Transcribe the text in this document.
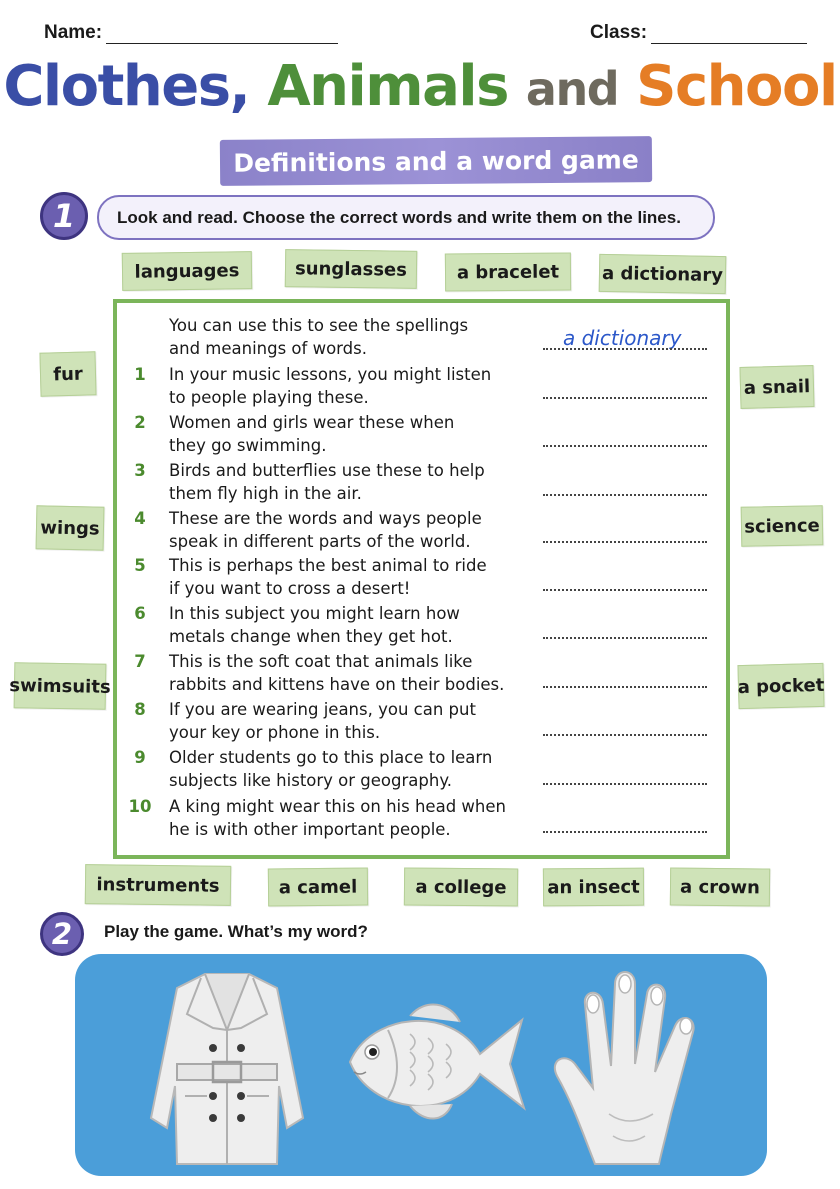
Name:	Class:
Clothes, Animals and School
Definitions and a word game
1	Look and read. Choose the correct words and write them on the lines.
languages	sunglasses	a bracelet	a dictionary
fur
a snail
wings	science
swimsuits	a pocket
instruments	a camel	a college	an insect	a crown
You can use this to see the spellings
and meanings of words.	a dictionary
1	In your music lessons, you might listen
to people playing these.
2	Women and girls wear these when
they go swimming.
3	Birds and butterflies use these to help
them fly high in the air.
4	These are the words and ways people
speak in different parts of the world.
5	This is perhaps the best animal to ride
if you want to cross a desert!
6	In this subject you might learn how
metals change when they get hot.
7	This is the soft coat that animals like
rabbits and kittens have on their bodies.
8	If you are wearing jeans, you can put
your key or phone in this.
9	Older students go to this place to learn
subjects like history or geography.
10 A king might wear this on his head when
he is with other important people.
2	Play the game. What’s my word?
